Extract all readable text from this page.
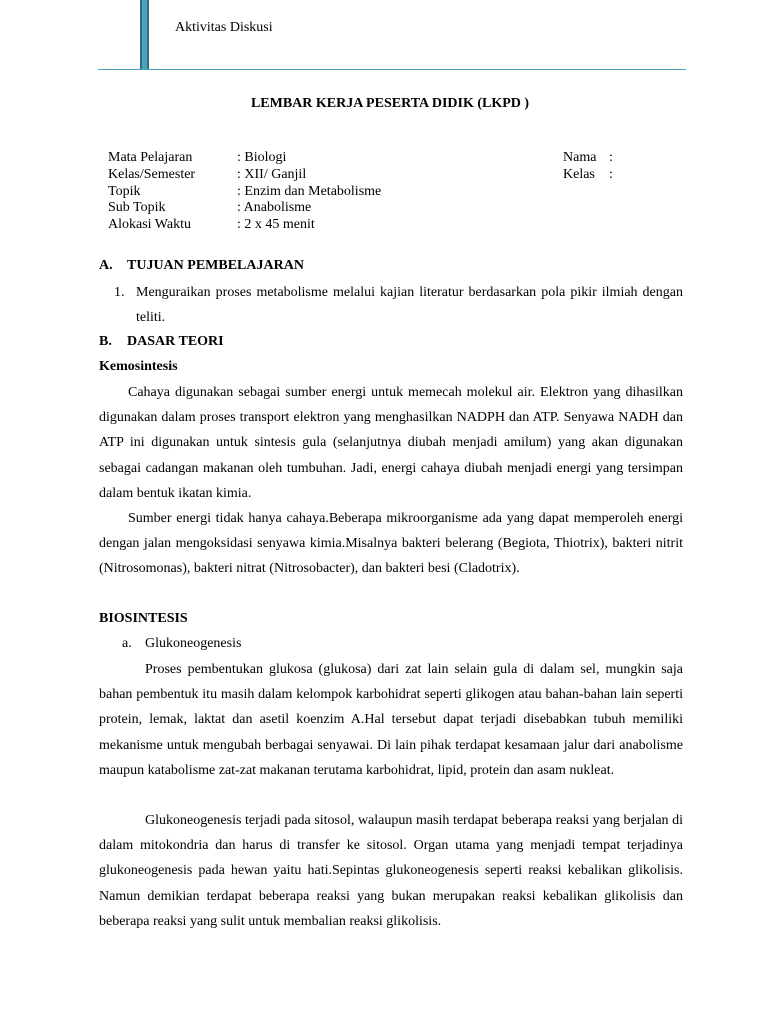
Aktivitas Diskusi
LEMBAR KERJA PESERTA DIDIK (LKPD )
Mata Pelajaran
Kelas/Semester
Topik
Sub Topik
Alokasi Waktu
: Biologi
: XII/ Ganjil
: Enzim dan Metabolisme
: Anabolisme
: 2 x 45 menit
Nama :
Kelas :
A. TUJUAN PEMBELAJARAN
1. Menguraikan proses metabolisme melalui kajian literatur berdasarkan pola pikir ilmiah dengan teliti.
B. DASAR TEORI
Kemosintesis

Cahaya digunakan sebagai sumber energi untuk memecah molekul air. Elektron yang dihasilkan digunakan dalam proses transport elektron yang menghasilkan NADPH dan ATP. Senyawa NADH dan ATP ini digunakan untuk sintesis gula (selanjutnya diubah menjadi amilum) yang akan digunakan sebagai cadangan makanan oleh tumbuhan. Jadi, energi cahaya diubah menjadi energi yang tersimpan dalam bentuk ikatan kimia.

Sumber energi tidak hanya cahaya.Beberapa mikroorganisme ada yang dapat memperoleh energi dengan jalan mengoksidasi senyawa kimia.Misalnya bakteri belerang (Begiota, Thiotrix), bakteri nitrit (Nitrosomonas), bakteri nitrat (Nitrosobacter), dan bakteri besi (Cladotrix).

BIOSINTESIS
a. Glukoneogenesis

Proses pembentukan glukosa (glukosa) dari zat lain selain gula di dalam sel, mungkin saja bahan pembentuk itu masih dalam kelompok karbohidrat seperti glikogen atau bahan-bahan lain seperti protein, lemak, laktat dan asetil koenzim A.Hal tersebut dapat terjadi disebabkan tubuh memiliki mekanisme untuk mengubah berbagai senyawai. Di lain pihak terdapat kesamaan jalur dari anabolisme maupun katabolisme zat-zat makanan terutama karbohidrat, lipid, protein dan asam nukleat.

Glukoneogenesis terjadi pada sitosol, walaupun masih terdapat beberapa reaksi yang berjalan di dalam mitokondria dan harus di transfer ke sitosol. Organ utama yang menjadi tempat terjadinya glukoneogenesis pada hewan yaitu hati.Sepintas glukoneogenesis seperti reaksi kebalikan glikolisis. Namun demikian terdapat beberapa reaksi yang bukan merupakan reaksi kebalikan glikolisis dan beberapa reaksi yang sulit untuk membalian reaksi glikolisis.
